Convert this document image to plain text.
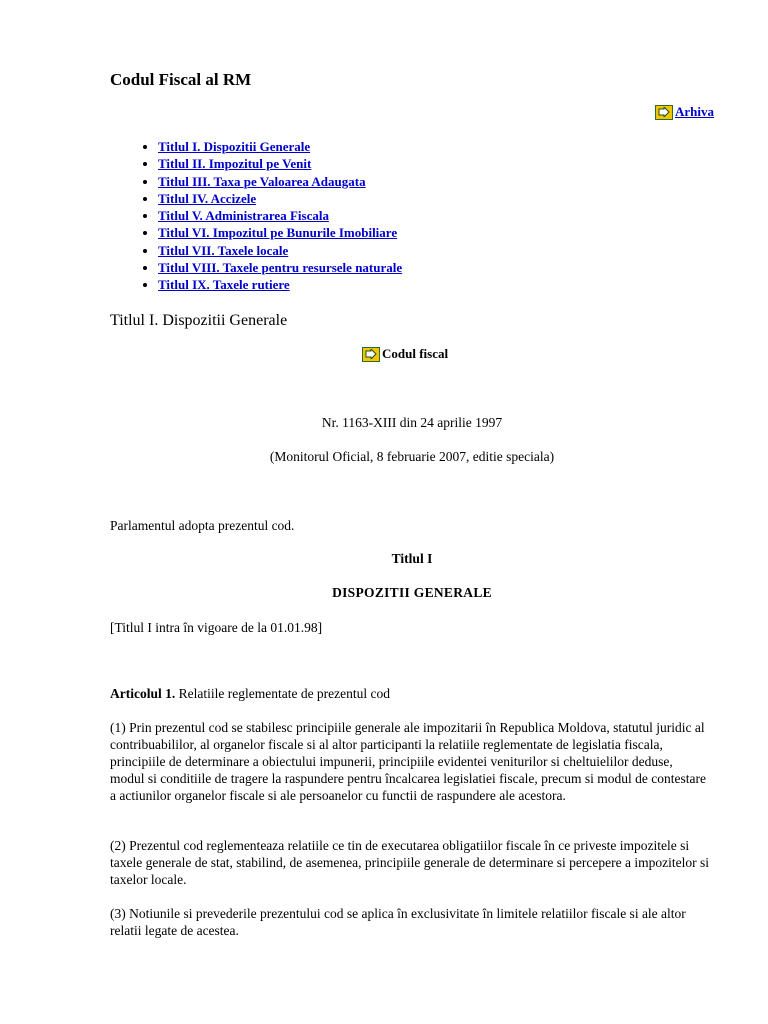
Codul Fiscal al RM
Arhiva
• Titlul I. Dispozitii Generale
• Titlul II. Impozitul pe Venit
• Titlul III. Taxa pe Valoarea Adaugata
• Titlul IV. Accizele
• Titlul V. Administrarea Fiscala
• Titlul VI. Impozitul pe Bunurile Imobiliare
• Titlul VII. Taxele locale
• Titlul VIII. Taxele pentru resursele naturale
• Titlul IX. Taxele rutiere
Titlul I. Dispozitii Generale
Codul fiscal
Nr. 1163-XIII din 24 aprilie 1997
(Monitorul Oficial, 8 februarie 2007, editie speciala)
Parlamentul adopta prezentul cod.
Titlul I
DISPOZITII GENERALE
[Titlul I intra în vigoare de la 01.01.98]
Articolul 1. Relatiile reglementate de prezentul cod
(1) Prin prezentul cod se stabilesc principiile generale ale impozitarii în Republica Moldova, statutul juridic al contribuabililor, al organelor fiscale si al altor participanti la relatiile reglementate de legislatia fiscala, principiile de determinare a obiectului impunerii, principiile evidentei veniturilor si cheltuielilor deduse, modul si conditiile de tragere la raspundere pentru încalcarea legislatiei fiscale, precum si modul de contestare a actiunilor organelor fiscale si ale persoanelor cu functii de raspundere ale acestora.
(2) Prezentul cod reglementeaza relatiile ce tin de executarea obligatiilor fiscale în ce priveste impozitele si taxele generale de stat, stabilind, de asemenea, principiile generale de determinare si percepere a impozitelor si taxelor locale.
(3) Notiunile si prevederile prezentului cod se aplica în exclusivitate în limitele relatiilor fiscale si ale altor relatii legate de acestea.
